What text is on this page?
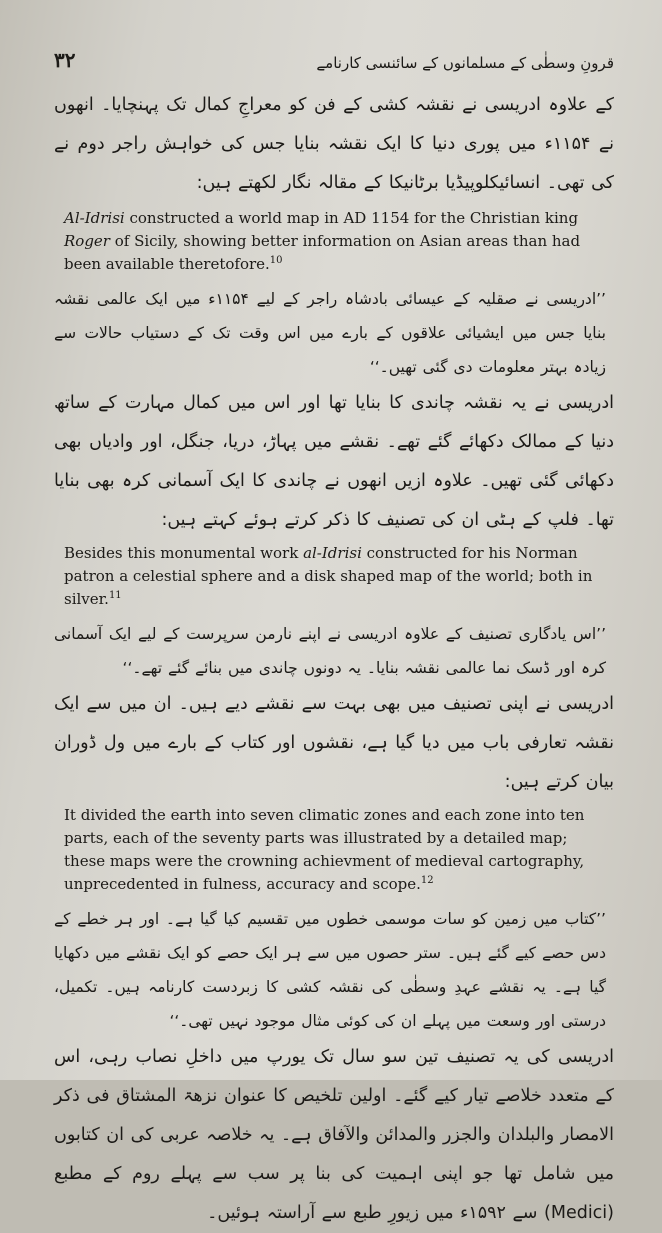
۳۲	قرونِ وسطٰی کے مسلمانوں کے سائنسی کارنامے

کے علاوہ ادریسی نے نقشہ کشی کے فن کو معراجِ کمال تک پہنچایا۔ انھوں نے ۱۱۵۴ء میں پوری دنیا کا ایک نقشہ بنایا جس کی خواہش راجر دوم نے کی تھی۔ انسائیکلوپیڈیا برٹانیکا کے مقالہ نگار لکھتے ہیں:

Al-Idrisi constructed a world map in AD 1154 for the Christian king Roger of Sicily, showing better information on Asian areas than had been available theretofore.$^{10}$

’’ادریسی نے صقلیہ کے عیسائی بادشاہ راجر کے لیے ۱۱۵۴ء میں ایک عالمی نقشہ بنایا جس میں ایشیائی علاقوں کے بارے میں اس وقت تک کے دستیاب حالات سے زیادہ بہتر معلومات دی گئی تھیں۔‘‘

ادریسی نے یہ نقشہ چاندی کا بنایا تھا اور اس میں کمال مہارت کے ساتھ دنیا کے ممالک دکھائے گئے تھے۔ نقشے میں پہاڑ، دریا، جنگل، اور وادیاں بھی دکھائی گئی تھیں۔ علاوہ ازیں انھوں نے چاندی کا ایک آسمانی کرہ بھی بنایا تھا۔ فلپ کے ہٹی ان کی تصنیف کا ذکر کرتے ہوئے کہتے ہیں:

Besides this monumental work al-Idrisi constructed for his Norman patron a celestial sphere and a disk shaped map of the world; both in silver.$^{11}$

’’اس یادگاری تصنیف کے علاوہ ادریسی نے اپنے نارمن سرپرست کے لیے ایک آسمانی کرہ اور ڈسک نما عالمی نقشہ بنایا۔ یہ دونوں چاندی میں بنائے گئے تھے۔‘‘

ادریسی نے اپنی تصنیف میں بھی بہت سے نقشے دیے ہیں۔ ان میں سے ایک نقشہ تعارفی باب میں دیا گیا ہے، نقشوں اور کتاب کے بارے میں ول ڈوران بیان کرتے ہیں:

It divided the earth into seven climatic zones and each zone into ten parts, each of the seventy parts was illustrated by a detailed map; these maps were the crowning achievment of medieval cartography, unprecedented in fulness, accuracy and scope.$^{12}$

’’کتاب میں زمین کو سات موسمی خطوں میں تقسیم کیا گیا ہے۔ اور ہر خطے کے دس حصے کیے گئے ہیں۔ ستر حصوں میں سے ہر ایک حصے کو ایک نقشے میں دکھایا گیا ہے۔ یہ نقشے عہدِ وسطٰی کی نقشہ کشی کا زبردست کارنامہ ہیں۔ تکمیل، درستی اور وسعت میں پہلے ان کی کوئی مثال موجود نہیں تھی۔‘‘

ادریسی کی یہ تصنیف تین سو سال تک یورپ میں داخلِ نصاب رہی، اس کے متعدد خلاصے تیار کیے گئے۔ اولین تلخیص کا عنوان نزھۃ المشتاق فی ذکر الامصار والبلدان والجزر والمدائن والآفاق ہے۔ یہ خلاصہ عربی کی ان کتابوں میں شامل تھا جو اپنی اہمیت کی بنا پر سب سے پہلے روم کے مطبع (Medici) سے ۱۵۹۲ء میں زیورِ طبع سے آراستہ ہوئیں۔
